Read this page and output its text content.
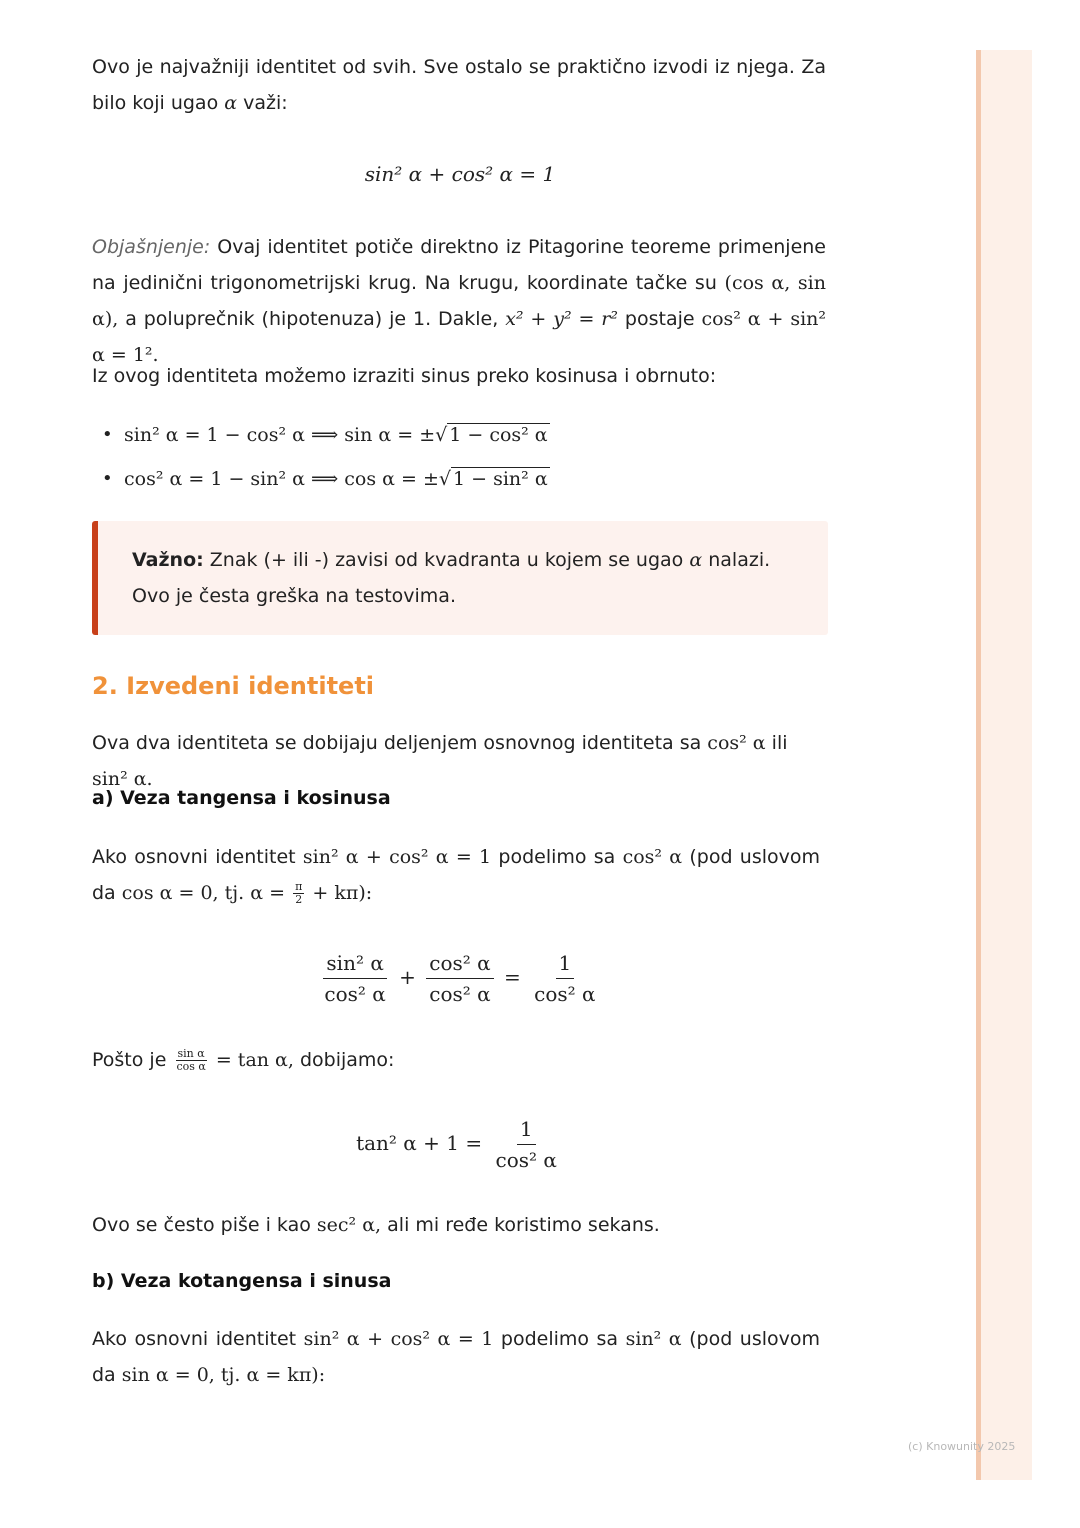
(c) Knowunity 2025

Ovo je najvažniji identitet od svih. Sve ostalo se praktično izvodi iz njega. Za bilo koji ugao α važi:

sin² α + cos² α = 1

Objašnjenje: Ovaj identitet potiče direktno iz Pitagorine teoreme primenjene na jedinični trigonometrijski krug. Na krugu, koordinate tačke su (cos α, sin α), a poluprečnik (hipotenuza) je 1. Dakle, x² + y² = r² postaje cos² α + sin² α = 1².

Iz ovog identiteta možemo izraziti sinus preko kosinusa i obrnuto:

• sin² α = 1 − cos² α ⟹ sin α = ±√ 1 − cos² α
• cos² α = 1 − sin² α ⟹ cos α = ±√ 1 − sin² α
Važno: Znak (+ ili -) zavisi od kvadranta u kojem se ugao α nalazi. Ovo je česta greška na testovima.
2. Izvedeni identiteti

Ova dva identiteta se dobijaju deljenjem osnovnog identiteta sa cos² α ili sin² α.

a) Veza tangensa i kosinusa

Ako osnovni identitet sin² α + cos² α = 1 podelimo sa cos² α (pod uslovom da cos α = 0, tj. $\alpha = \frac{\pi}{2} + k\pi$):

$\frac{\text{sin² α}}{\text{cos² α}} + \frac{\text{cos² α}}{\text{cos² α}} = \frac{1}{\text{cos² α}}$

Pošto je $\frac{\text{sin α}}{\text{cos α}} = \tan \alpha$, dobijamo:

tan² $\alpha + 1 = \frac{1}{\text{cos² α}}$

Ovo se često piše i kao sec² α, ali mi ređe koristimo sekans.

b) Veza kotangensa i sinusa

Ako osnovni identitet sin² α + cos² α = 1 podelimo sa sin² α (pod uslovom da sin α = 0, tj. α = kπ):
